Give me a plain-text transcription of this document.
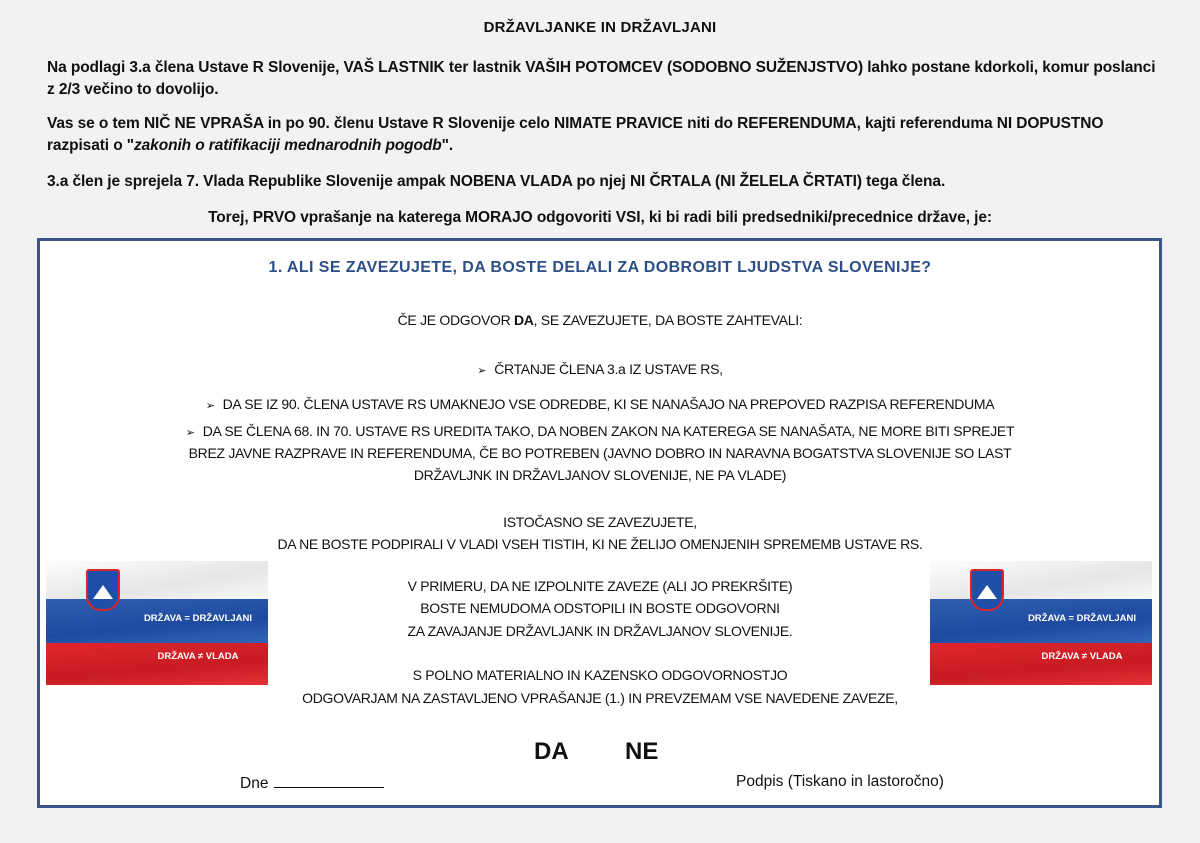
DRŽAVLJANKE IN DRŽAVLJANI
Na podlagi 3.a člena Ustave R Slovenije, VAŠ LASTNIK ter lastnik VAŠIH POTOMCEV (SODOBNO SUŽENJSTVO) lahko postane kdorkoli, komur poslanci z 2/3 večino to dovolijo.
Vas se o tem NIČ NE VPRAŠA in po 90. členu Ustave R Slovenije celo NIMATE PRAVICE niti do REFERENDUMA, kajti referenduma NI DOPUSTNO razpisati o "zakonih o ratifikaciji mednarodnih pogodb".
3.a člen je sprejela 7. Vlada Republike Slovenije ampak NOBENA VLADA po njej NI ČRTALA (NI ŽELELA ČRTATI) tega člena.
Torej, PRVO vprašanje na katerega MORAJO odgovoriti VSI, ki bi radi bili predsedniki/precednice države, je:
1. ALI SE ZAVEZUJETE, DA BOSTE DELALI ZA DOBROBIT LJUDSTVA SLOVENIJE?
ČE JE ODGOVOR DA, SE ZAVEZUJETE, DA BOSTE ZAHTEVALI:
➢ ČRTANJE ČLENA 3.a IZ USTAVE RS,
➢ DA SE IZ 90. ČLENA USTAVE RS UMAKNEJO VSE ODREDBE, KI SE NANAŠAJO NA PREPOVED RAZPISA REFERENDUMA
➢ DA SE ČLENA 68. IN 70. USTAVE RS UREDITA TAKO, DA NOBEN ZAKON NA KATEREGA SE NANAŠATA, NE MORE BITI SPREJET
BREZ JAVNE RAZPRAVE IN REFERENDUMA, ČE BO POTREBEN (JAVNO DOBRO IN NARAVNA BOGATSTVA SLOVENIJE SO LAST
DRŽAVLJNK IN DRŽAVLJANOV SLOVENIJE, NE PA VLADE)
ISTOČASNO SE ZAVEZUJETE,
DA NE BOSTE PODPIRALI V VLADI VSEH TISTIH, KI NE ŽELIJO OMENJENIH SPREMEMB USTAVE RS.
V PRIMERU, DA NE IZPOLNITE ZAVEZE (ALI JO PREKRŠITE)
BOSTE NEMUDOMA ODSTOPILI IN BOSTE ODGOVORNI
ZA ZAVAJANJE DRŽAVLJANK IN DRŽAVLJANOV SLOVENIJE.
S POLNO MATERIALNO IN KAZENSKO ODGOVORNOSTJO
ODGOVARJAM NA ZASTAVLJENO VPRAŠANJE (1.) IN PREVZEMAM VSE NAVEDENE ZAVEZE,
DRŽAVA = DRŽAVLJANI
DRŽAVA ≠ VLADA
DRŽAVA = DRŽAVLJANI
DRŽAVA ≠ VLADA
DA NE
Dne	Podpis (Tiskano in lastoročno)
